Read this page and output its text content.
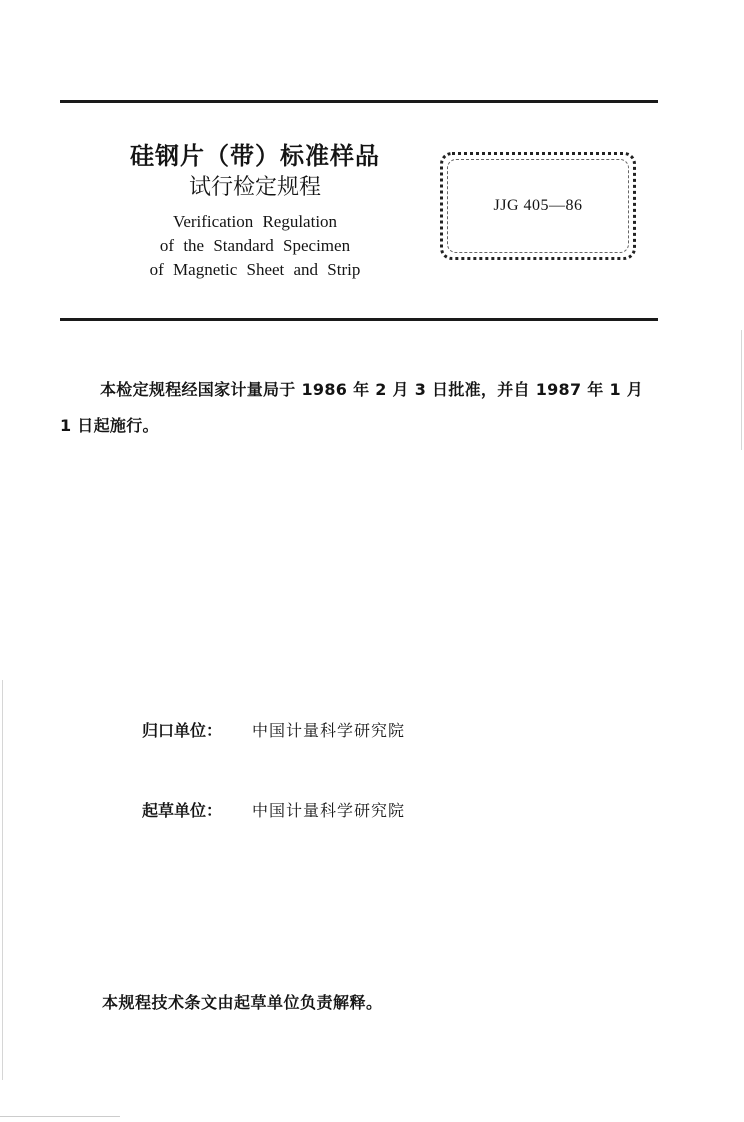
硅钢片（带）标准样品
试行检定规程
Verification Regulation
of the Standard Specimen
of Magnetic Sheet and Strip
JJG 405—86
本检定规程经国家计量局于 1986 年 2 月 3 日批准，并自 1987 年 1 月 1 日起施行。
归口单位： 中国计量科学研究院
起草单位： 中国计量科学研究院
本规程技术条文由起草单位负责解释。
